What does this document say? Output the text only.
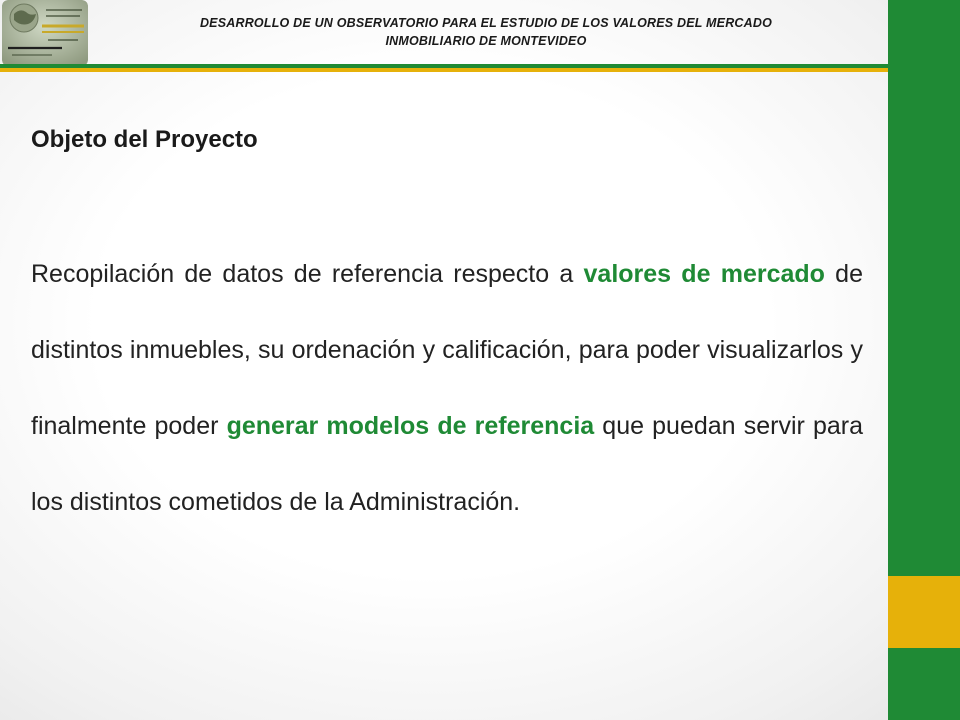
DESARROLLO DE UN OBSERVATORIO PARA EL ESTUDIO DE LOS VALORES DEL MERCADO
INMOBILIARIO DE MONTEVIDEO
Objeto del Proyecto

Recopilación de datos de referencia respecto a valores de mercado de distintos inmuebles, su ordenación y calificación, para poder visualizarlos y finalmente poder generar modelos de referencia que puedan servir para los distintos cometidos de la Administración.
